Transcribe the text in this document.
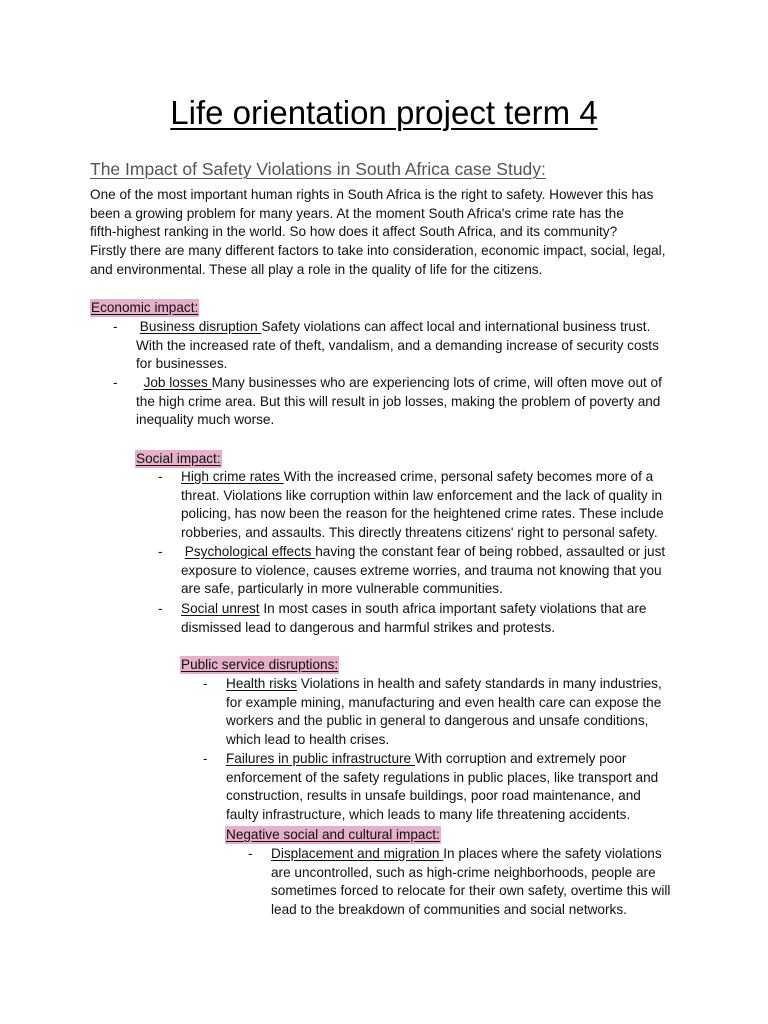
Life orientation project term 4
The Impact of Safety Violations in South Africa case Study:
One of the most important human rights in South Africa is the right to safety. However this has
been a growing problem for many years. At the moment South Africa's crime rate has the
fifth-highest ranking in the world. So how does it affect South Africa, and its community?
Firstly there are many different factors to take into consideration, economic impact, social, legal,
and environmental. These all play a role in the quality of life for the citizens.
Economic impact:
- Business disruption Safety violations can affect local and international business trust.
With the increased rate of theft, vandalism, and a demanding increase of security costs
for businesses.
-	Job losses Many businesses who are experiencing lots of crime, will often move out of
the high crime area. But this will result in job losses, making the problem of poverty and
inequality much worse.
Social impact:
- High crime rates With the increased crime, personal safety becomes more of a
threat. Violations like corruption within law enforcement and the lack of quality in
policing, has now been the reason for the heightened crime rates. These include
robberies, and assaults. This directly threatens citizens' right to personal safety.
- Psychological effects having the constant fear of being robbed, assaulted or just
exposure to violence, causes extreme worries, and trauma not knowing that you
are safe, particularly in more vulnerable communities.
- Social unrest In most cases in south africa important safety violations that are
dismissed lead to dangerous and harmful strikes and protests.
Public service disruptions:
- Health risks Violations in health and safety standards in many industries,
for example mining, manufacturing and even health care can expose the
workers and the public in general to dangerous and unsafe conditions,
which lead to health crises.
- Failures in public infrastructure With corruption and extremely poor
enforcement of the safety regulations in public places, like transport and
construction, results in unsafe buildings, poor road maintenance, and
faulty infrastructure, which leads to many life threatening accidents.
Negative social and cultural impact:
- Displacement and migration In places where the safety violations
are uncontrolled, such as high-crime neighborhoods, people are
sometimes forced to relocate for their own safety, overtime this will
lead to the breakdown of communities and social networks.
